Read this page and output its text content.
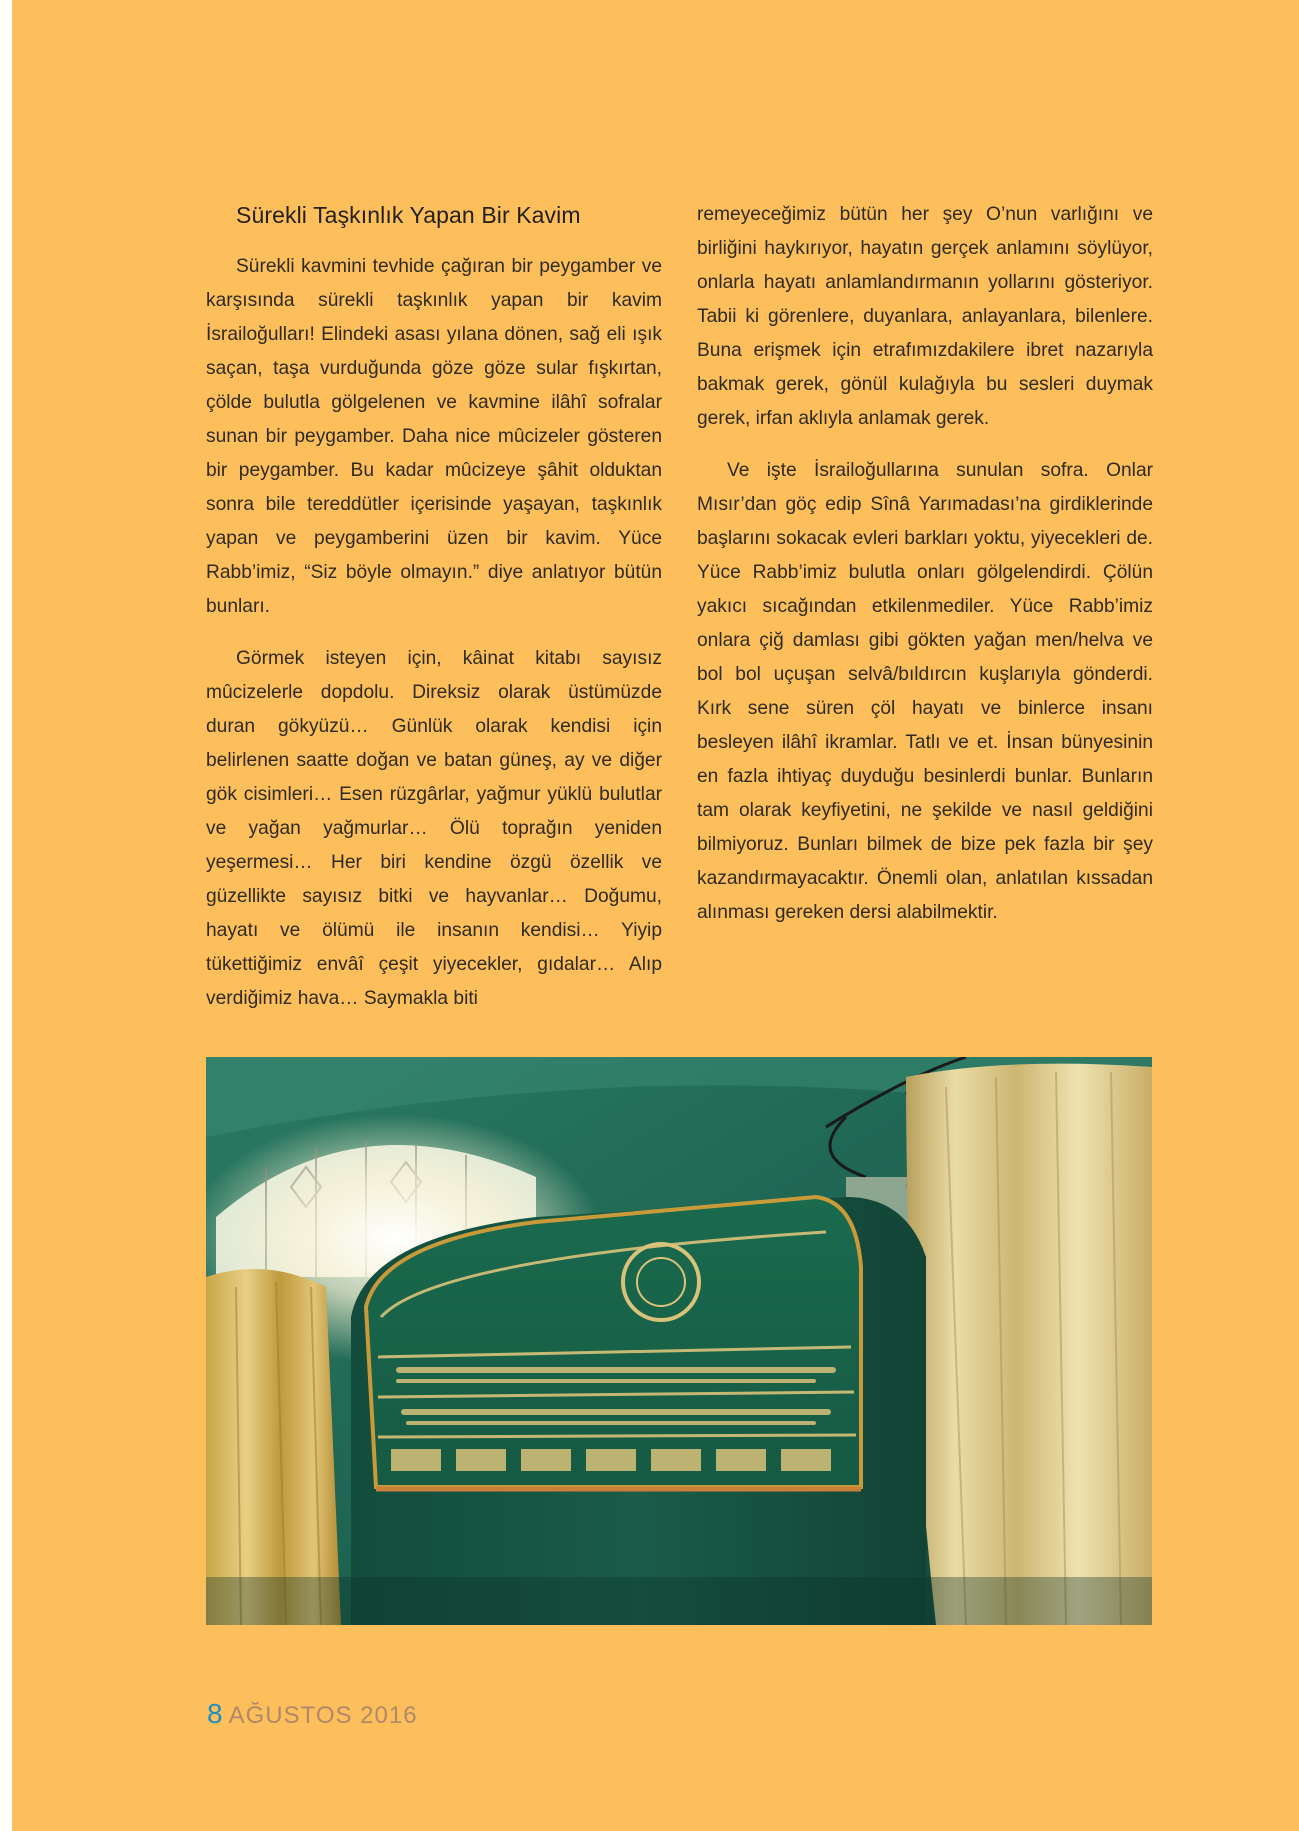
Sürekli Taşkınlık Yapan Bir Kavim

Sürekli kavmini tevhide çağıran bir peygamber ve karşısında sürekli taşkınlık yapan bir kavim İsrailoğulları! Elindeki asası yılana dönen, sağ eli ışık saçan, taşa vurduğunda göze göze sular fışkırtan, çölde bulutla gölgelenen ve kavmine ilâhî sofralar sunan bir peygamber. Daha nice mûcizeler gösteren bir peygamber. Bu kadar mûcizeye şâhit olduktan sonra bile tereddütler içerisinde yaşayan, taşkınlık yapan ve peygamberini üzen bir kavim. Yüce Rabb’imiz, “Siz böyle olmayın.” diye anlatıyor bütün bunları.

Görmek isteyen için, kâinat kitabı sayısız mûcizelerle dopdolu. Direksiz olarak üstümüzde duran gökyüzü… Günlük olarak kendisi için belirlenen saatte doğan ve batan güneş, ay ve diğer gök cisimleri… Esen rüzgârlar, yağmur yüklü bulutlar ve yağan yağmurlar… Ölü toprağın yeniden yeşermesi… Her biri kendine özgü özellik ve güzellikte sayısız bitki ve hayvanlar… Doğumu, hayatı ve ölümü ile insanın kendisi… Yiyip tükettiğimiz envâî çeşit yiyecekler, gıdalar… Alıp verdiğimiz hava… Saymakla biti

remeyeceğimiz bütün her şey O’nun varlığını ve birliğini haykırıyor, hayatın gerçek anlamını söylüyor, onlarla hayatı anlamlandırmanın yollarını gösteriyor. Tabii ki görenlere, duyanlara, anlayanlara, bilenlere. Buna erişmek için etrafımızdakilere ibret nazarıyla bakmak gerek, gönül kulağıyla bu sesleri duymak gerek, irfan aklıyla anlamak gerek.

Ve işte İsrailoğullarına sunulan sofra. Onlar Mısır’dan göç edip Sînâ Yarımadası’na girdiklerinde başlarını sokacak evleri barkları yoktu, yiyecekleri de. Yüce Rabb’imiz bulutla onları gölgelendirdi. Çölün yakıcı sıcağından etkilenmediler. Yüce Rabb’imiz onlara çiğ damlası gibi gökten yağan men/helva ve bol bol uçuşan selvâ/bıldırcın kuşlarıyla gönderdi. Kırk sene süren çöl hayatı ve binlerce insanı besleyen ilâhî ikramlar. Tatlı ve et. İnsan bünyesinin en fazla ihtiyaç duyduğu besinlerdi bunlar. Bunların tam olarak keyfiyetini, ne şekilde ve nasıl geldiğini bilmiyoruz. Bunları bilmek de bize pek fazla bir şey kazandırmayacaktır. Önemli olan, anlatılan kıssadan alınması gereken dersi alabilmektir.

8 AĞUSTOS 2016
